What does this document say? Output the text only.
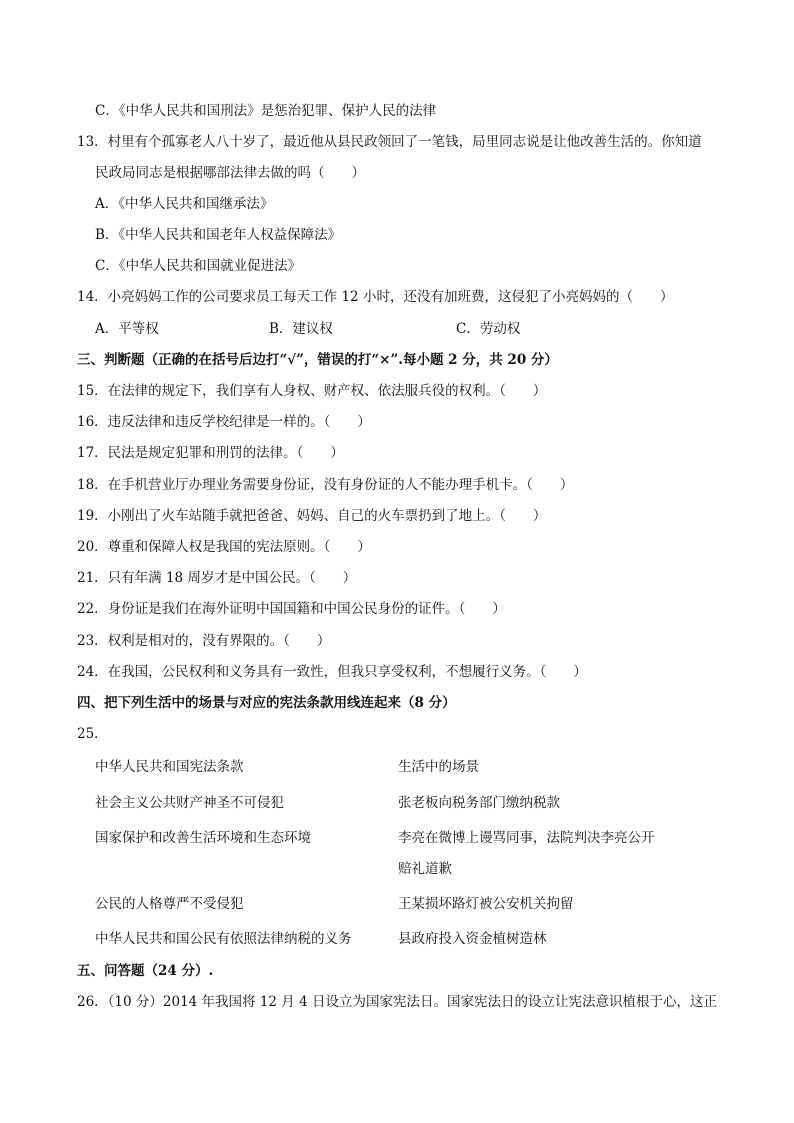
C．《中华人民共和国刑法》是惩治犯罪、保护人民的法律
13．村里有个孤寡老人八十岁了，最近他从县民政领回了一笔钱，局里同志说是让他改善生活的。你知道
民政局同志是根据哪部法律去做的吗（　　）
A．《中华人民共和国继承法》
B．《中华人民共和国老年人权益保障法》
C．《中华人民共和国就业促进法》
14．小亮妈妈工作的公司要求员工每天工作 12 小时，还没有加班费，这侵犯了小亮妈妈的（　　）
A．平等权	B．建议权	C．劳动权
三、判断题（正确的在括号后边打“√”，错误的打“×”.每小题 2 分，共 20 分）
15．在法律的规定下，我们享有人身权、财产权、依法服兵役的权利。（　　）
16．违反法律和违反学校纪律是一样的。（　　）
17．民法是规定犯罪和刑罚的法律。（　　）
18．在手机营业厅办理业务需要身份证，没有身份证的人不能办理手机卡。（　　）
19．小刚出了火车站随手就把爸爸、妈妈、自己的火车票扔到了地上。（　　）
20．尊重和保障人权是我国的宪法原则。（　　）
21．只有年满 18 周岁才是中国公民。（　　）
22．身份证是我们在海外证明中国国籍和中国公民身份的证件。（　　）
23．权利是相对的，没有界限的。（　　）
24．在我国，公民权利和义务具有一致性，但我只享受权利，不想履行义务。（　　）
四、把下列生活中的场景与对应的宪法条款用线连起来（8 分）
25．
中华人民共和国宪法条款	生活中的场景
社会主义公共财产神圣不可侵犯	张老板向税务部门缴纳税款
国家保护和改善生活环境和生态环境	李亮在微博上谩骂同事，法院判决李亮公开
赔礼道歉
公民的人格尊严不受侵犯	王某损坏路灯被公安机关拘留
中华人民共和国公民有依照法律纳税的义务	县政府投入资金植树造林
五、问答题（24 分）.
26．（10 分）2014 年我国将 12 月 4 日设立为国家宪法日。国家宪法日的设立让宪法意识植根于心，这正
